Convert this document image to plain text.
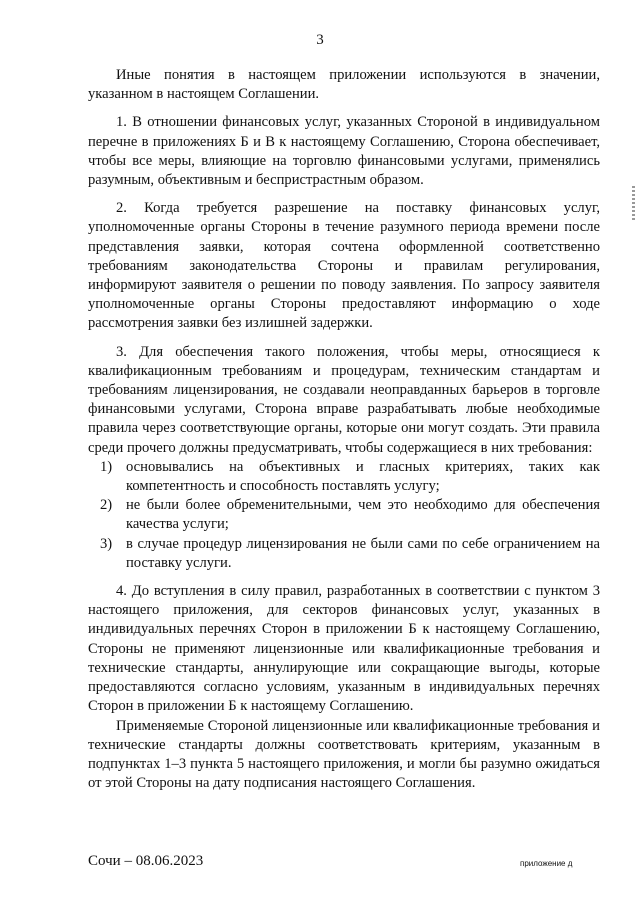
3

Иные понятия в настоящем приложении используются в значении, указанном в настоящем Соглашении.

1. В отношении финансовых услуг, указанных Стороной в индивидуальном перечне в приложениях Б и В к настоящему Соглашению, Сторона обеспечивает, чтобы все меры, влияющие на торговлю финансовыми услугами, применялись разумным, объективным и беспристрастным образом.

2. Когда требуется разрешение на поставку финансовых услуг, уполномоченные органы Стороны в течение разумного периода времени после представления заявки, которая сочтена оформленной соответственно требованиям законодательства Стороны и правилам регулирования, информируют заявителя о решении по поводу заявления. По запросу заявителя уполномоченные органы Стороны предоставляют информацию о ходе рассмотрения заявки без излишней задержки.

3. Для обеспечения такого положения, чтобы меры, относящиеся к квалификационным требованиям и процедурам, техническим стандартам и требованиям лицензирования, не создавали неоправданных барьеров в торговле финансовыми услугами, Сторона вправе разрабатывать любые необходимые правила через соответствующие органы, которые они могут создать. Эти правила среди прочего должны предусматривать, чтобы содержащиеся в них требования:

1) основывались на объективных и гласных критериях, таких как компетентность и способность поставлять услугу;
2) не были более обременительными, чем это необходимо для обеспечения качества услуги;
3) в случае процедур лицензирования не были сами по себе ограничением на поставку услуги.

4. До вступления в силу правил, разработанных в соответствии с пунктом 3 настоящего приложения, для секторов финансовых услуг, указанных в индивидуальных перечнях Сторон в приложении Б к настоящему Соглашению, Стороны не применяют лицензионные или квалификационные требования и технические стандарты, аннулирующие или сокращающие выгоды, которые предоставляются согласно условиям, указанным в индивидуальных перечнях Сторон в приложении Б к настоящему Соглашению.

Применяемые Стороной лицензионные или квалификационные требования и технические стандарты должны соответствовать критериям, указанным в подпунктах 1–3 пункта 5 настоящего приложения, и могли бы разумно ожидаться от этой Стороны на дату подписания настоящего Соглашения.

Сочи – 08.06.2023	приложение д
